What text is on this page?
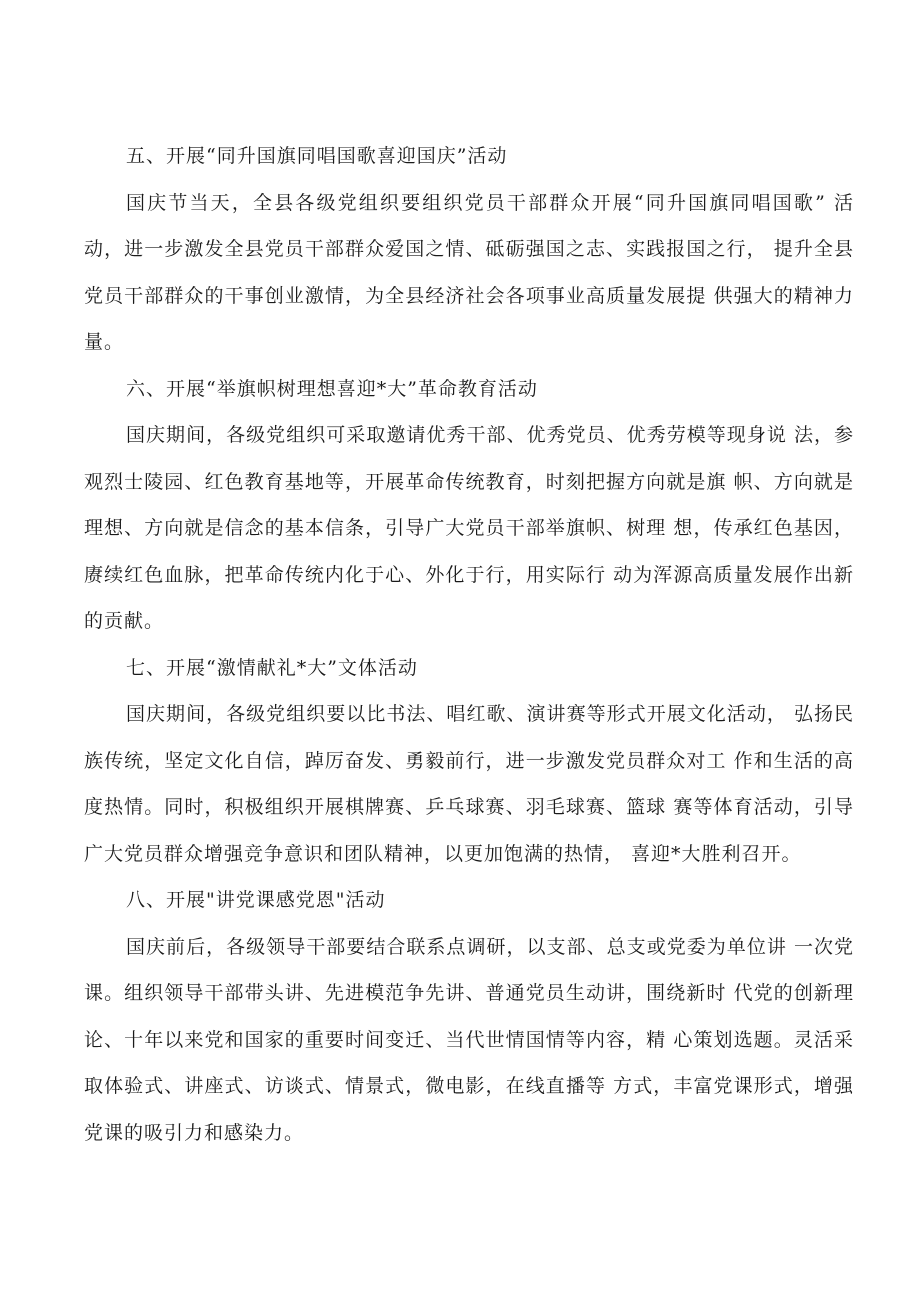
五、开展“同升国旗同唱国歌喜迎国庆”活动

国庆节当天，全县各级党组织要组织党员干部群众开展“同升国旗同唱国歌” 活动，进一步激发全县党员干部群众爱国之情、砥砺强国之志、实践报国之行， 提升全县党员干部群众的干事创业激情，为全县经济社会各项事业高质量发展提 供强大的精神力量。

六、开展“举旗帜树理想喜迎*大”革命教育活动

国庆期间，各级党组织可采取邀请优秀干部、优秀党员、优秀劳模等现身说 法，参观烈士陵园、红色教育基地等，开展革命传统教育，时刻把握方向就是旗 帜、方向就是理想、方向就是信念的基本信条，引导广大党员干部举旗帜、树理 想，传承红色基因，赓续红色血脉，把革命传统内化于心、外化于行，用实际行 动为浑源高质量发展作出新的贡献。

七、开展“激情献礼*大”文体活动

国庆期间，各级党组织要以比书法、唱红歌、演讲赛等形式开展文化活动， 弘扬民族传统，坚定文化自信，踔厉奋发、勇毅前行，进一步激发党员群众对工 作和生活的高度热情。同时，积极组织开展棋牌赛、乒乓球赛、羽毛球赛、篮球 赛等体育活动，引导广大党员群众增强竞争意识和团队精神，以更加饱满的热情， 喜迎*大胜利召开。

八、开展"讲党课感党恩"活动

国庆前后，各级领导干部要结合联系点调研，以支部、总支或党委为单位讲 一次党课。组织领导干部带头讲、先进模范争先讲、普通党员生动讲，围绕新时 代党的创新理论、十年以来党和国家的重要时间变迁、当代世情国情等内容，精 心策划选题。灵活采取体验式、讲座式、访谈式、情景式，微电影，在线直播等 方式，丰富党课形式，增强党课的吸引力和感染力。
